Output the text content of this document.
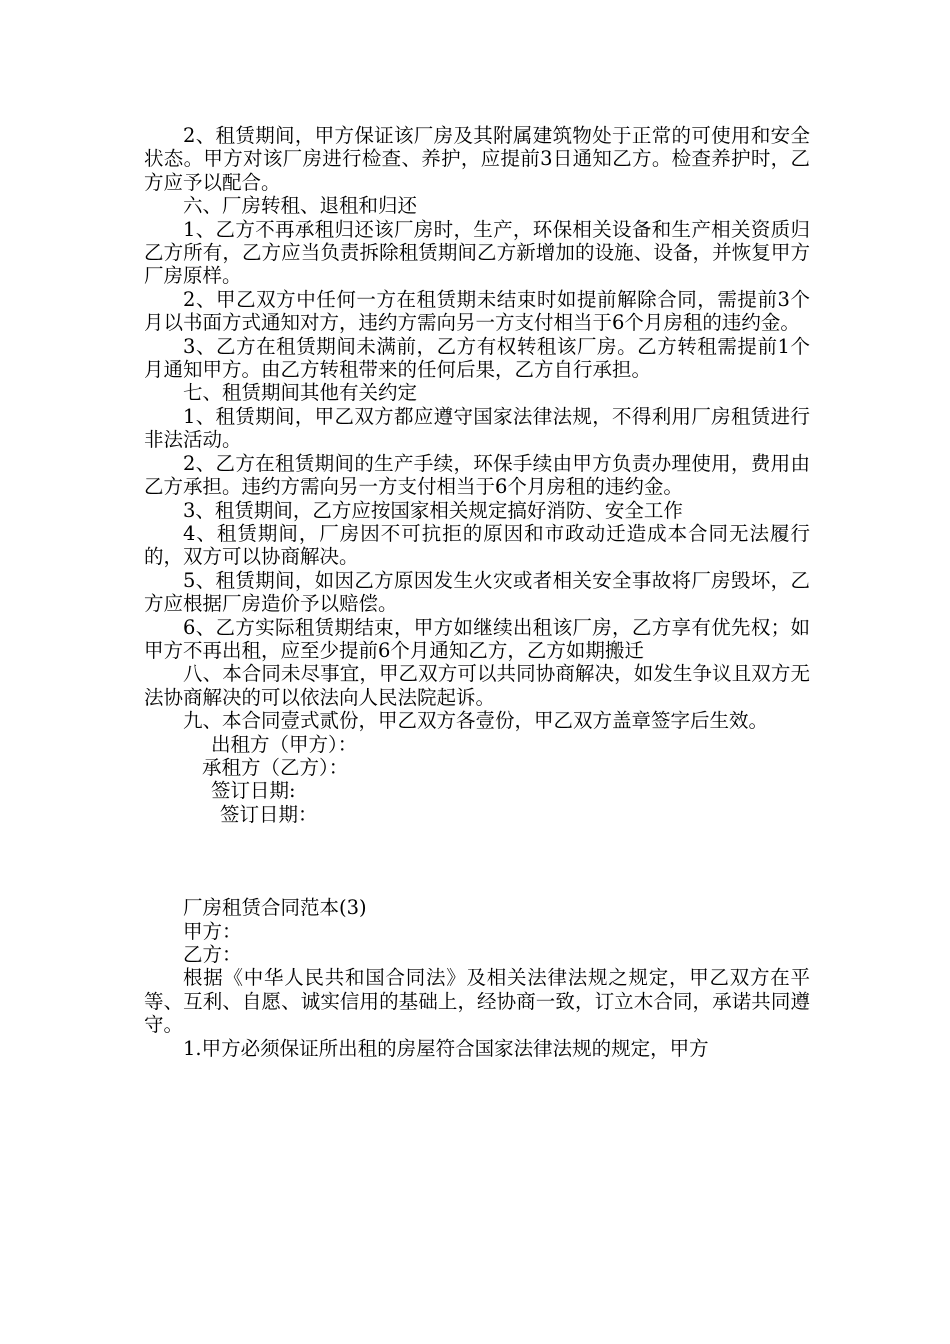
2、租赁期间，甲方保证该厂房及其附属建筑物处于正常的可使用和安全状态。甲方对该厂房进行检查、养护，应提前3日通知乙方。检查养护时，乙方应予以配合。

六、厂房转租、退租和归还

1、乙方不再承租归还该厂房时，生产，环保相关设备和生产相关资质归乙方所有，乙方应当负责拆除租赁期间乙方新增加的设施、设备，并恢复甲方厂房原样。

2、甲乙双方中任何一方在租赁期未结束时如提前解除合同，需提前3个月以书面方式通知对方，违约方需向另一方支付相当于6个月房租的违约金。

3、乙方在租赁期间未满前，乙方有权转租该厂房。乙方转租需提前1个月通知甲方。由乙方转租带来的任何后果，乙方自行承担。

七、租赁期间其他有关约定

1、租赁期间，甲乙双方都应遵守国家法律法规，不得利用厂房租赁进行非法活动。

2、乙方在租赁期间的生产手续，环保手续由甲方负责办理使用，费用由乙方承担。违约方需向另一方支付相当于6个月房租的违约金。

3、租赁期间，乙方应按国家相关规定搞好消防、安全工作

4、租赁期间，厂房因不可抗拒的原因和市政动迁造成本合同无法履行的，双方可以协商解决。

5、租赁期间，如因乙方原因发生火灾或者相关安全事故将厂房毁坏，乙方应根据厂房造价予以赔偿。

6、乙方实际租赁期结束，甲方如继续出租该厂房，乙方享有优先权；如甲方不再出租，应至少提前6个月通知乙方，乙方如期搬迁

八、本合同未尽事宜，甲乙双方可以共同协商解决，如发生争议且双方无法协商解决的可以依法向人民法院起诉。

九、本合同壹式贰份，甲乙双方各壹份，甲乙双方盖章签字后生效。

出租方（甲方）：

承租方（乙方）：

签订日期:

签订日期：

厂房租赁合同范本(3)

甲方：

乙方：

根据《中华人民共和国合同法》及相关法律法规之规定，甲乙双方在平 等、互利、自愿、诚实信用的基础上，经协商一致，订立木合同，承诺共同遵 守。

1.甲方必须保证所出租的房屋符合国家法律法规的规定，甲方
